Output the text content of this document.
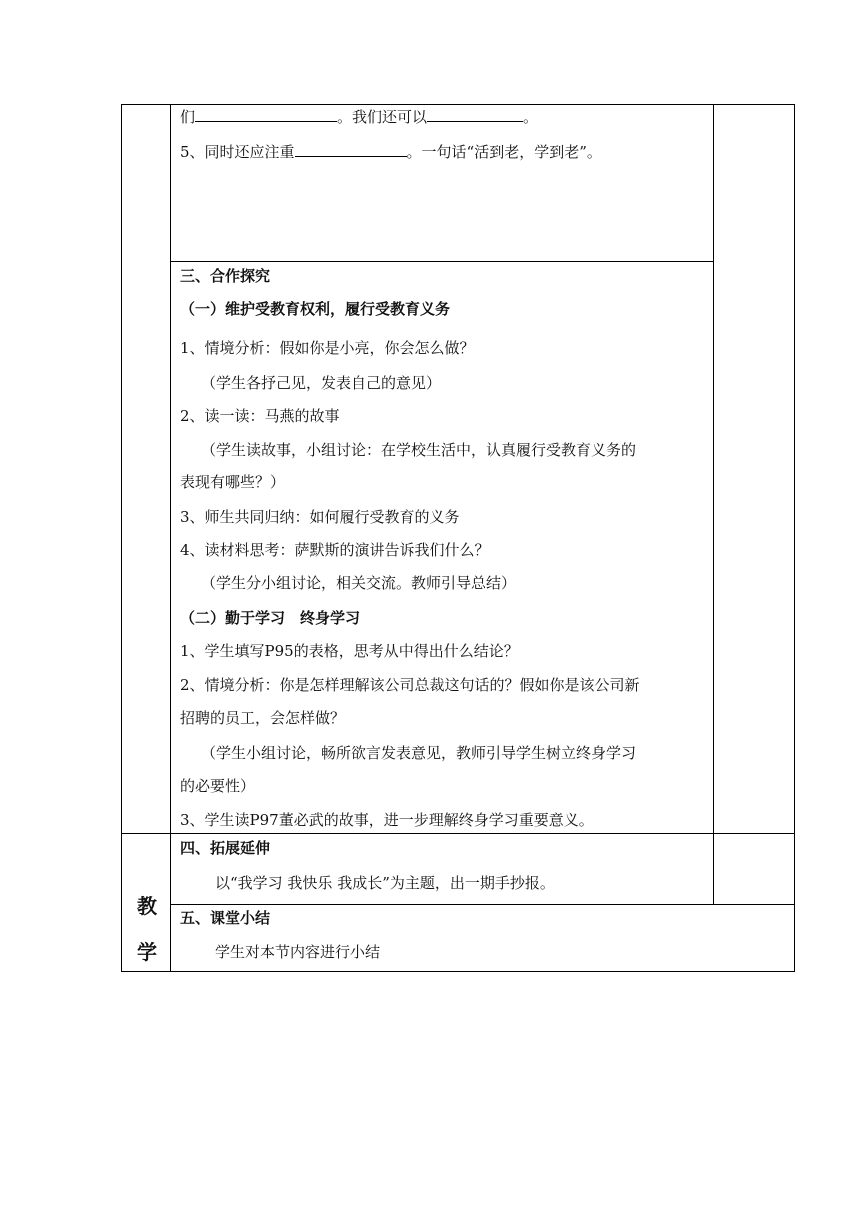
们	。我们还可以	。
5、同时还应注重	。一句话“活到老，学到老”。
三、合作探究
（一）维护受教育权利，履行受教育义务
1、情境分析：假如你是小亮，你会怎么做？
（学生各抒己见，发表自己的意见）
2、读一读：马燕的故事
（学生读故事，小组讨论：在学校生活中，认真履行受教育义务的
表现有哪些？）
3、师生共同归纳：如何履行受教育的义务
4、读材料思考：萨默斯的演讲告诉我们什么？
（学生分小组讨论，相关交流。教师引导总结）
（二）勤于学习　终身学习
1、学生填写P95的表格，思考从中得出什么结论？
2、情境分析：你是怎样理解该公司总裁这句话的？假如你是该公司新
招聘的员工，会怎样做？
（学生小组讨论，畅所欲言发表意见，教师引导学生树立终身学习
的必要性）
3、学生读P97董必武的故事，进一步理解终身学习重要意义。
四、拓展延伸
以“我学习 我快乐 我成长”为主题，出一期手抄报。
五、课堂小结
学生对本节内容进行小结
教
学
